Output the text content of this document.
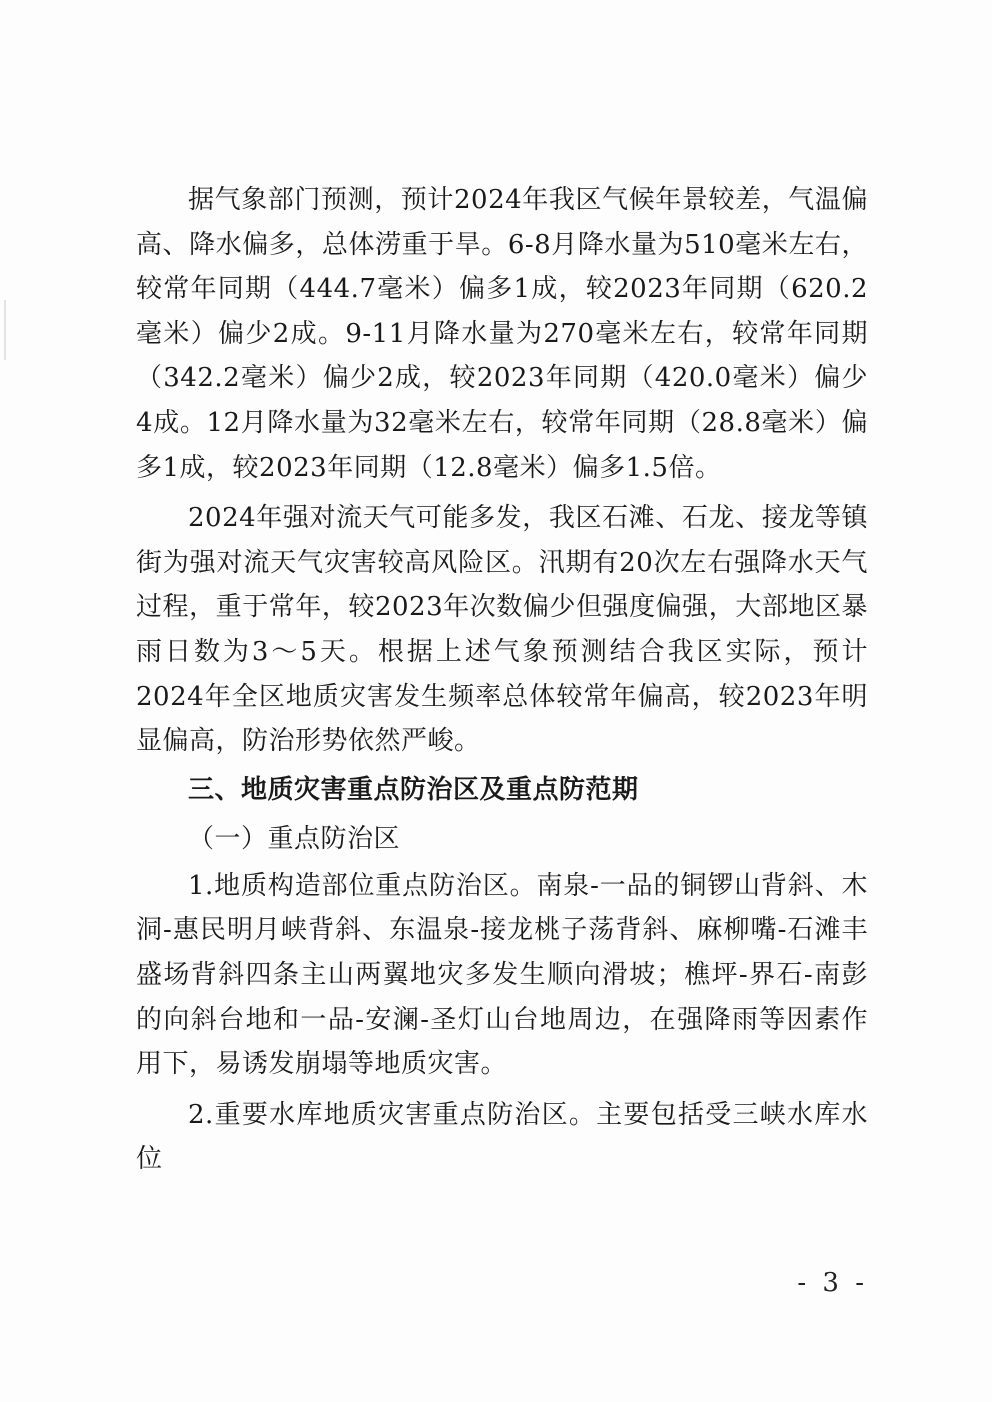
据气象部门预测，预计2024年我区气候年景较差，气温偏高、降水偏多，总体涝重于旱。6-8月降水量为510毫米左右，较常年同期（444.7毫米）偏多1成，较2023年同期（620.2毫米）偏少2成。9-11月降水量为270毫米左右，较常年同期（342.2毫米）偏少2成，较2023年同期（420.0毫米）偏少4成。12月降水量为32毫米左右，较常年同期（28.8毫米）偏多1成，较2023年同期（12.8毫米）偏多1.5倍。

2024年强对流天气可能多发，我区石滩、石龙、接龙等镇街为强对流天气灾害较高风险区。汛期有20次左右强降水天气过程，重于常年，较2023年次数偏少但强度偏强，大部地区暴雨日数为3～5天。根据上述气象预测结合我区实际，预计2024年全区地质灾害发生频率总体较常年偏高，较2023年明显偏高，防治形势依然严峻。

三、地质灾害重点防治区及重点防范期

（一）重点防治区

1.地质构造部位重点防治区。南泉-一品的铜锣山背斜、木洞-惠民明月峡背斜、东温泉-接龙桃子荡背斜、麻柳嘴-石滩丰盛场背斜四条主山两翼地灾多发生顺向滑坡；樵坪-界石-南彭的向斜台地和一品-安澜-圣灯山台地周边，在强降雨等因素作用下，易诱发崩塌等地质灾害。

2.重要水库地质灾害重点防治区。主要包括受三峡水库水位

- 3 -
